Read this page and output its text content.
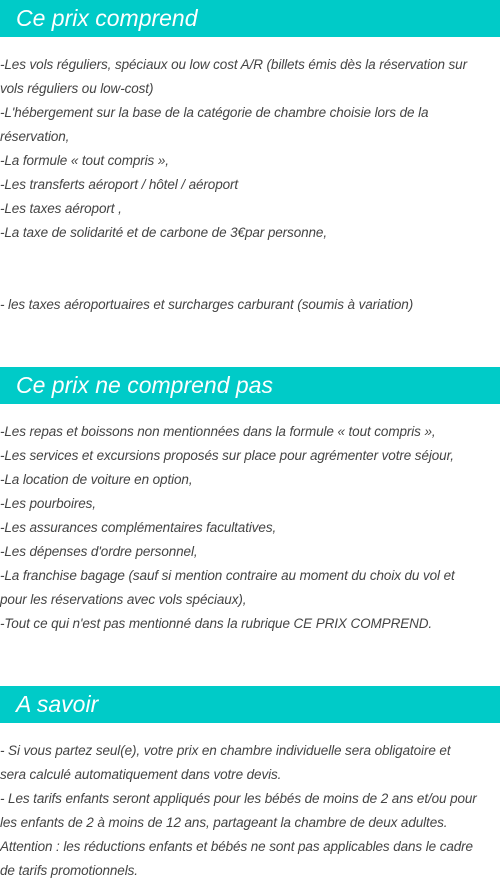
Ce prix comprend
-Les vols réguliers, spéciaux ou low cost A/R (billets émis dès la réservation sur
vols réguliers ou low-cost)
-L'hébergement sur la base de la catégorie de chambre choisie lors de la
réservation,
-La formule « tout compris »,
-Les transferts aéroport / hôtel / aéroport
-Les taxes aéroport ,
-La taxe de solidarité et de carbone de 3€par personne,
- les taxes aéroportuaires et surcharges carburant (soumis à variation)
Ce prix ne comprend pas
-Les repas et boissons non mentionnées dans la formule « tout compris »,
-Les services et excursions proposés sur place pour agrémenter votre séjour,
-La location de voiture en option,
-Les pourboires,
-Les assurances complémentaires facultatives,
-Les dépenses d'ordre personnel,
-La franchise bagage (sauf si mention contraire au moment du choix du vol et
pour les réservations avec vols spéciaux),
-Tout ce qui n'est pas mentionné dans la rubrique CE PRIX COMPREND.
A savoir
- Si vous partez seul(e), votre prix en chambre individuelle sera obligatoire et
sera calculé automatiquement dans votre devis.
- Les tarifs enfants seront appliqués pour les bébés de moins de 2 ans et/ou pour
les enfants de 2 à moins de 12 ans, partageant la chambre de deux adultes.
Attention : les réductions enfants et bébés ne sont pas applicables dans le cadre
de tarifs promotionnels.
